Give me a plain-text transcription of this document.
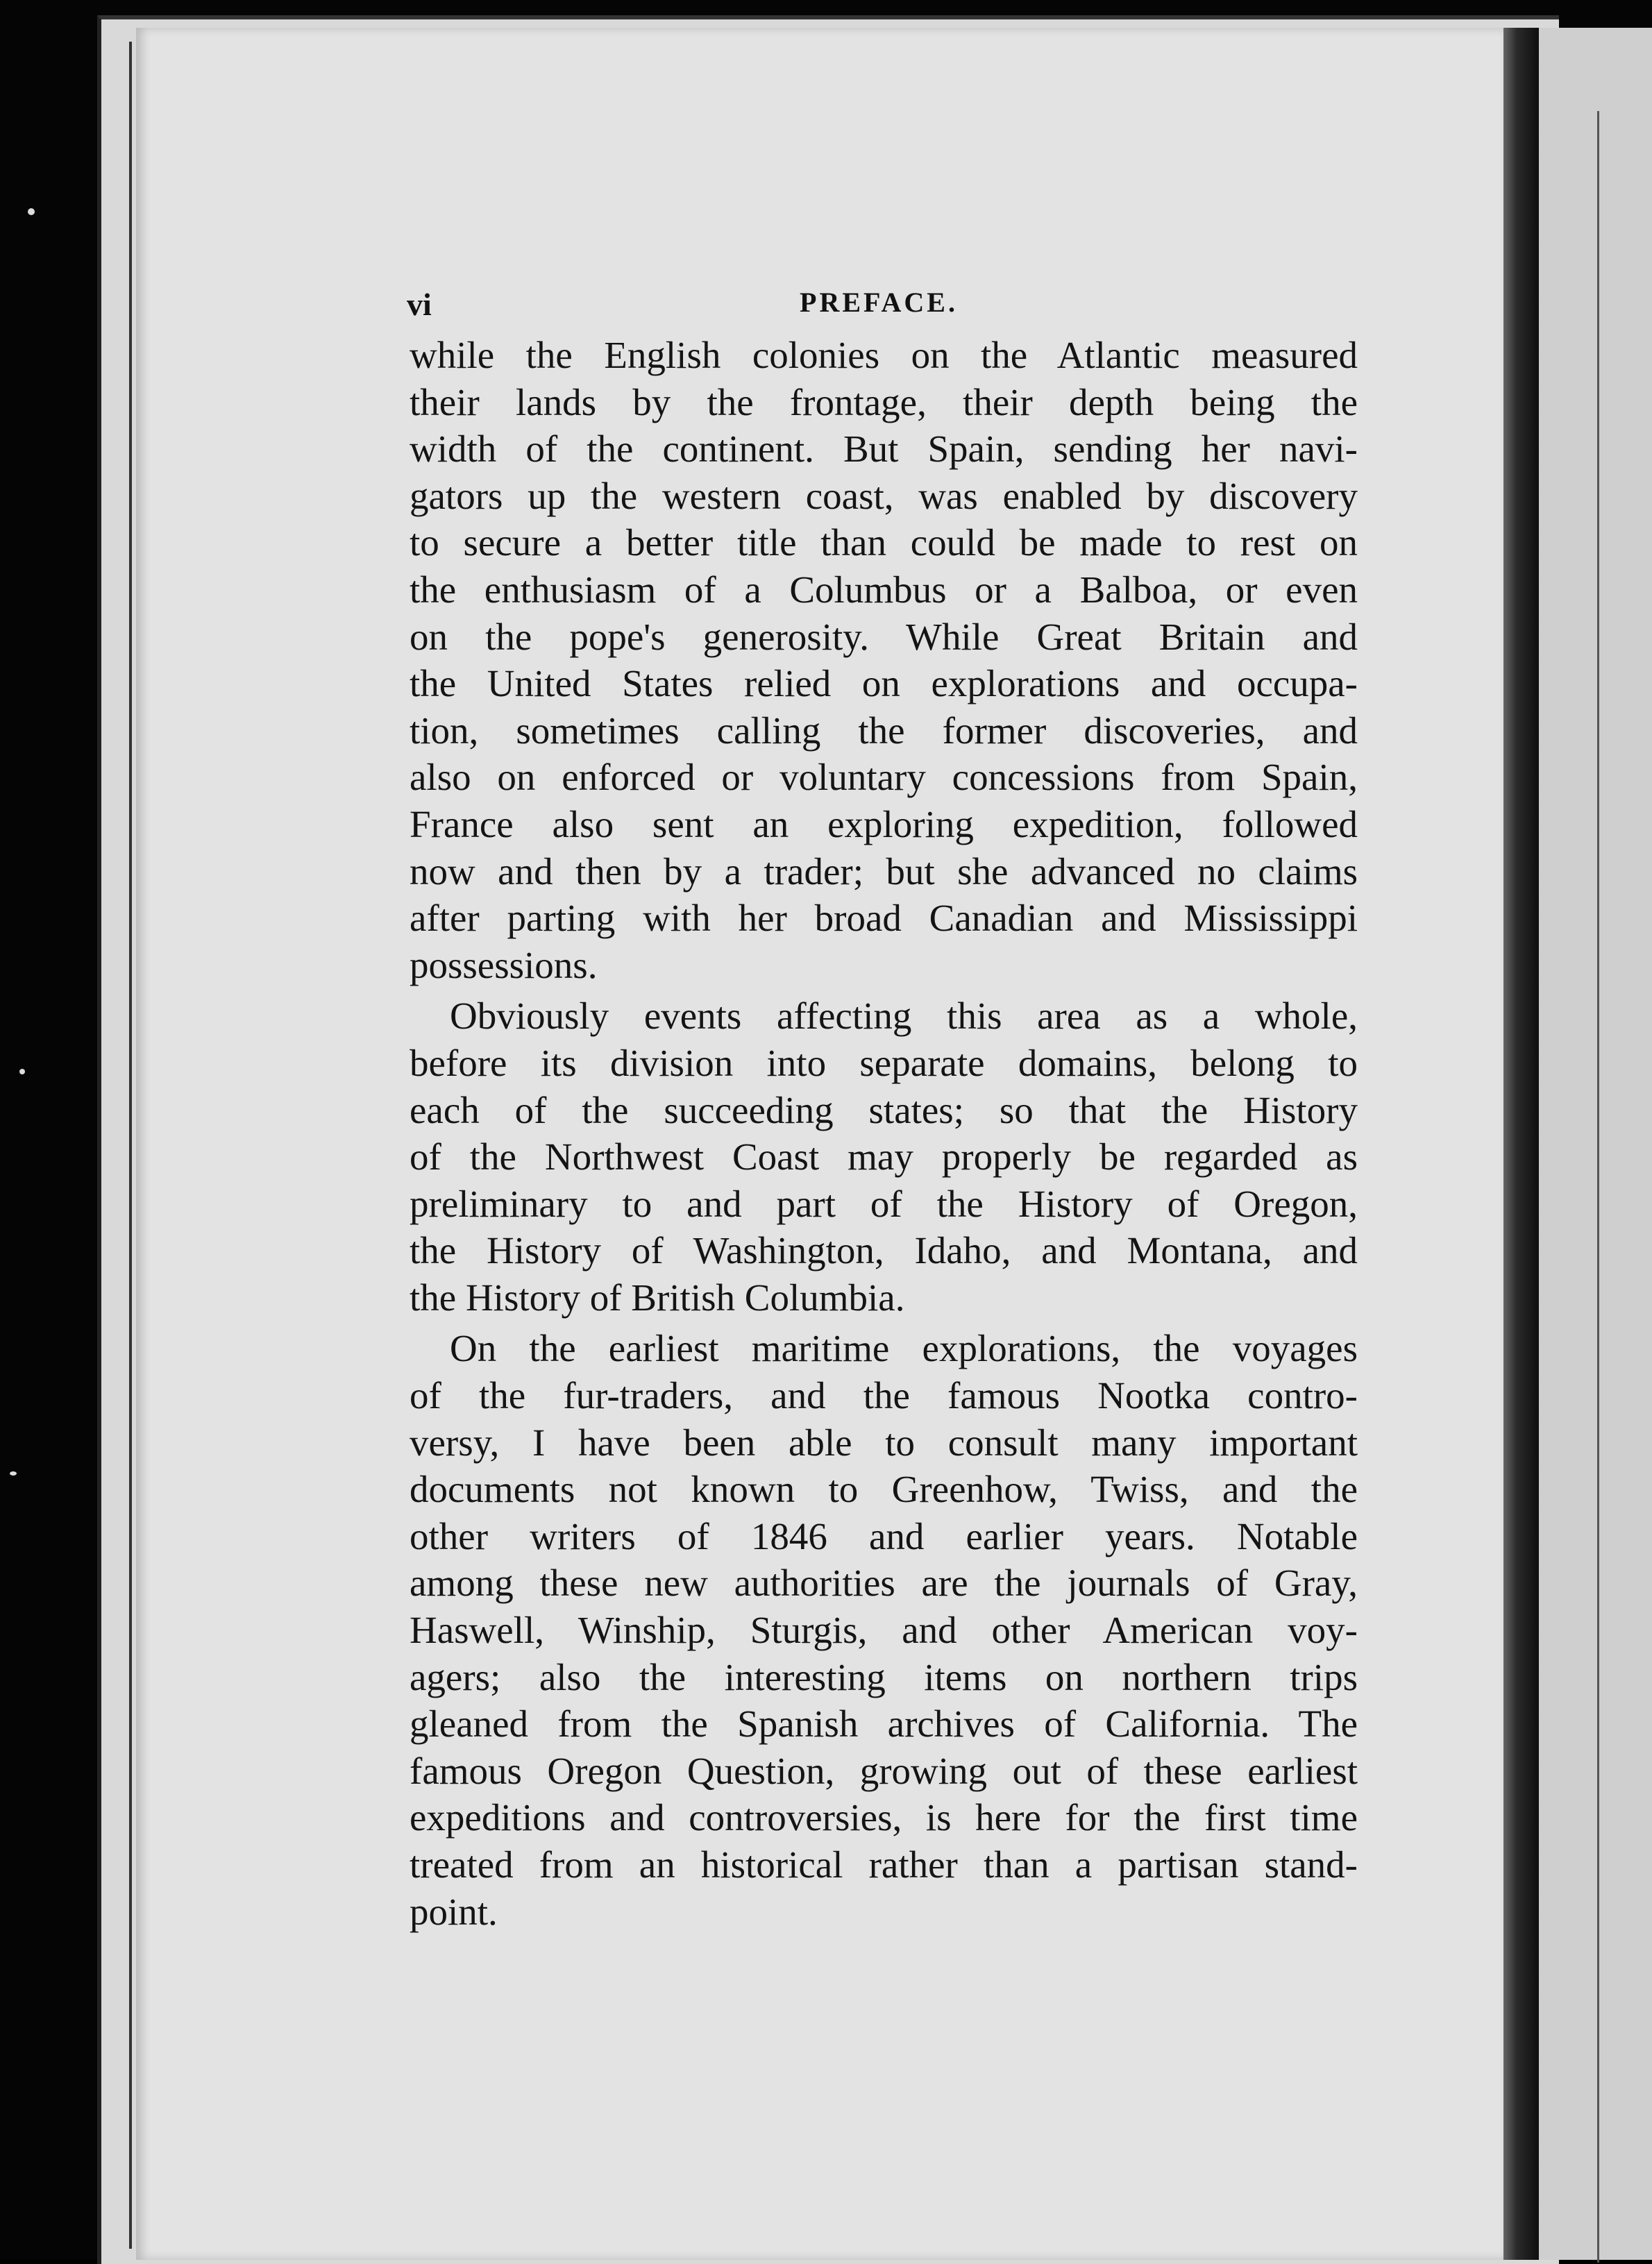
vi	PREFACE.

while the English colonies on the Atlantic measured
their lands by the frontage, their depth being the
width of the continent. But Spain, sending her navi-
gators up the western coast, was enabled by discovery
to secure a better title than could be made to rest on
the enthusiasm of a Columbus or a Balboa, or even
on the pope's generosity. While Great Britain and
the United States relied on explorations and occupa-
tion, sometimes calling the former discoveries, and
also on enforced or voluntary concessions from Spain,
France also sent an exploring expedition, followed
now and then by a trader; but she advanced no claims
after parting with her broad Canadian and Mississippi
possessions.

Obviously events affecting this area as a whole,
before its division into separate domains, belong to
each of the succeeding states; so that the History
of the Northwest Coast may properly be regarded as
preliminary to and part of the History of Oregon,
the History of Washington, Idaho, and Montana, and
the History of British Columbia.

On the earliest maritime explorations, the voyages
of the fur-traders, and the famous Nootka contro-
versy, I have been able to consult many important
documents not known to Greenhow, Twiss, and the
other writers of 1846 and earlier years. Notable
among these new authorities are the journals of Gray,
Haswell, Winship, Sturgis, and other American voy-
agers; also the interesting items on northern trips
gleaned from the Spanish archives of California. The
famous Oregon Question, growing out of these earliest
expeditions and controversies, is here for the first time
treated from an historical rather than a partisan stand-
point.
